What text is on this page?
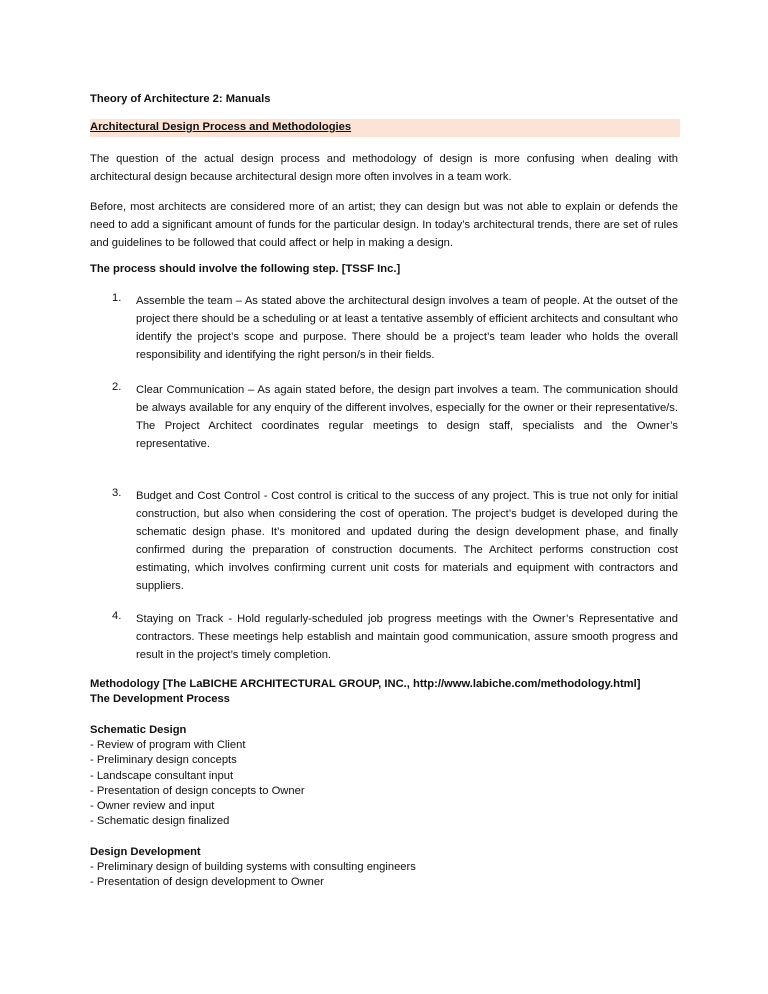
Theory of Architecture 2: Manuals
Architectural Design Process and Methodologies

The question of the actual design process and methodology of design is more confusing when dealing with architectural design because architectural design more often involves in a team work.

Before, most architects are considered more of an artist; they can design but was not able to explain or defends the need to add a significant amount of funds for the particular design. In today’s architectural trends, there are set of rules and guidelines to be followed that could affect or help in making a design.

The process should involve the following step. [TSSF Inc.]
1. Assemble the team – As stated above the architectural design involves a team of people. At the outset of the project there should be a scheduling or at least a tentative assembly of efficient architects and consultant who identify the project’s scope and purpose. There should be a project’s team leader who holds the overall responsibility and identifying the right person/s in their fields.

2. Clear Communication – As again stated before, the design part involves a team. The communication should be always available for any enquiry of the different involves, especially for the owner or their representative/s. The Project Architect coordinates regular meetings to design staff, specialists and the Owner’s representative.

3. Budget and Cost Control - Cost control is critical to the success of any project. This is true not only for initial construction, but also when considering the cost of operation. The project’s budget is developed during the schematic design phase. It’s monitored and updated during the design development phase, and finally confirmed during the preparation of construction documents. The Architect performs construction cost estimating, which involves confirming current unit costs for materials and equipment with contractors and suppliers.

4. Staying on Track - Hold regularly-scheduled job progress meetings with the Owner’s Representative and contractors. These meetings help establish and maintain good communication, assure smooth progress and result in the project’s timely completion.

Methodology [The LaBICHE ARCHITECTURAL GROUP, INC., http://www.labiche.com/methodology.html]
The Development Process
Schematic Design
- Review of program with Client
- Preliminary design concepts
- Landscape consultant input
- Presentation of design concepts to Owner
- Owner review and input
- Schematic design finalized
Design Development
- Preliminary design of building systems with consulting engineers
- Presentation of design development to Owner
